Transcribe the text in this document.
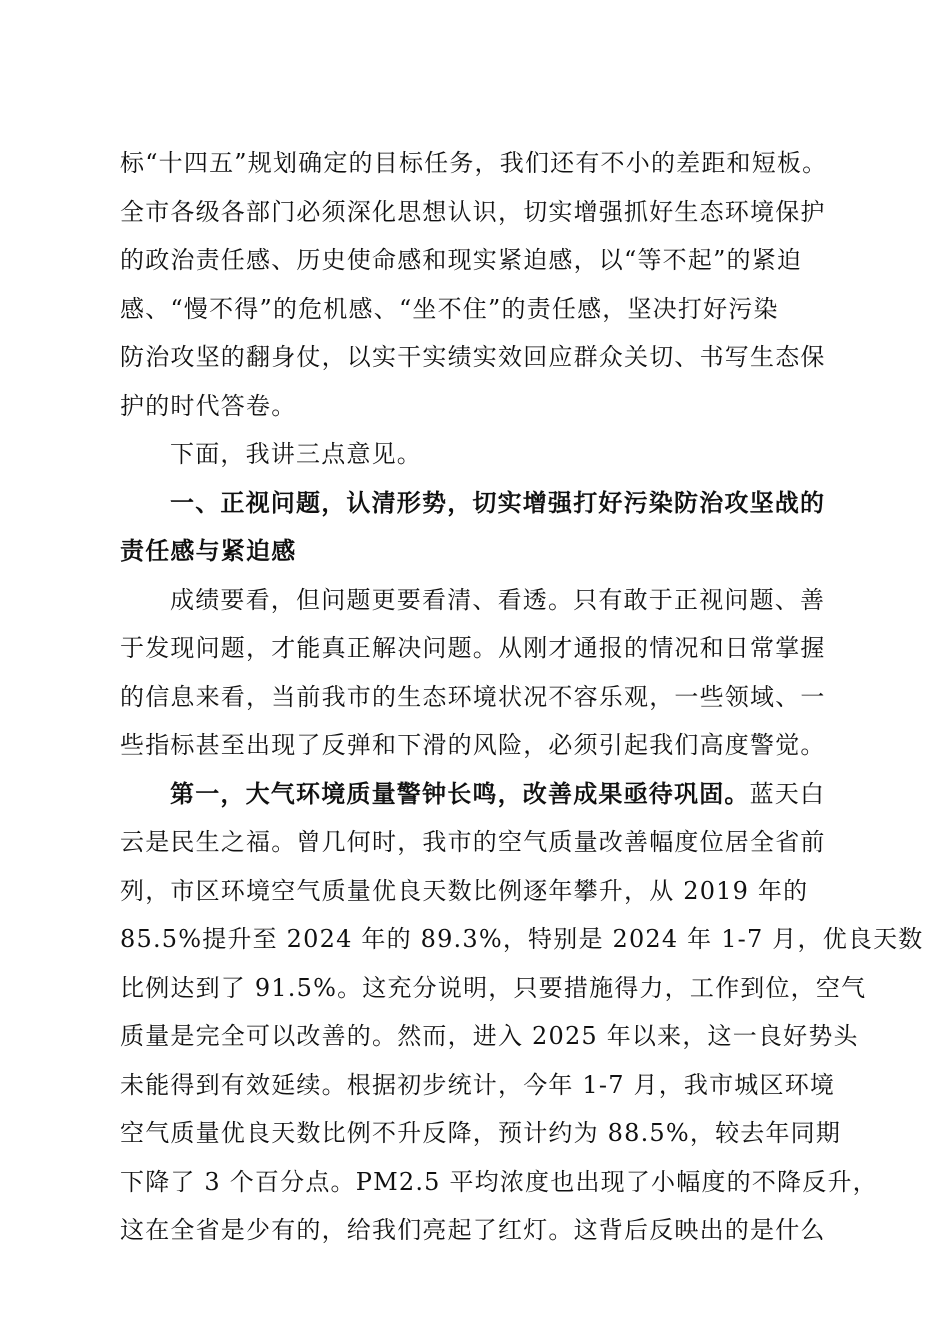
标“十四五”规划确定的目标任务，我们还有不小的差距和短板。
全市各级各部门必须深化思想认识，切实增强抓好生态环境保护
的政治责任感、历史使命感和现实紧迫感，以“等不起”的紧迫
感、“慢不得”的危机感、“坐不住”的责任感，坚决打好污染
防治攻坚的翻身仗，以实干实绩实效回应群众关切、书写生态保
护的时代答卷。
下面，我讲三点意见。
一、正视问题，认清形势，切实增强打好污染防治攻坚战的
责任感与紧迫感
成绩要看，但问题更要看清、看透。只有敢于正视问题、善
于发现问题，才能真正解决问题。从刚才通报的情况和日常掌握
的信息来看，当前我市的生态环境状况不容乐观，一些领域、一
些指标甚至出现了反弹和下滑的风险，必须引起我们高度警觉。
第一，大气环境质量警钟长鸣，改善成果亟待巩固。蓝天白
云是民生之福。曾几何时，我市的空气质量改善幅度位居全省前
列，市区环境空气质量优良天数比例逐年攀升，从 2019 年的
85.5%提升至 2024 年的 89.3%，特别是 2024 年 1-7 月，优良天数
比例达到了 91.5%。这充分说明，只要措施得力，工作到位，空气
质量是完全可以改善的。然而，进入 2025 年以来，这一良好势头
未能得到有效延续。根据初步统计，今年 1-7 月，我市城区环境
空气质量优良天数比例不升反降，预计约为 88.5%，较去年同期
下降了 3 个百分点。PM2.5 平均浓度也出现了小幅度的不降反升，
这在全省是少有的，给我们亮起了红灯。这背后反映出的是什么
